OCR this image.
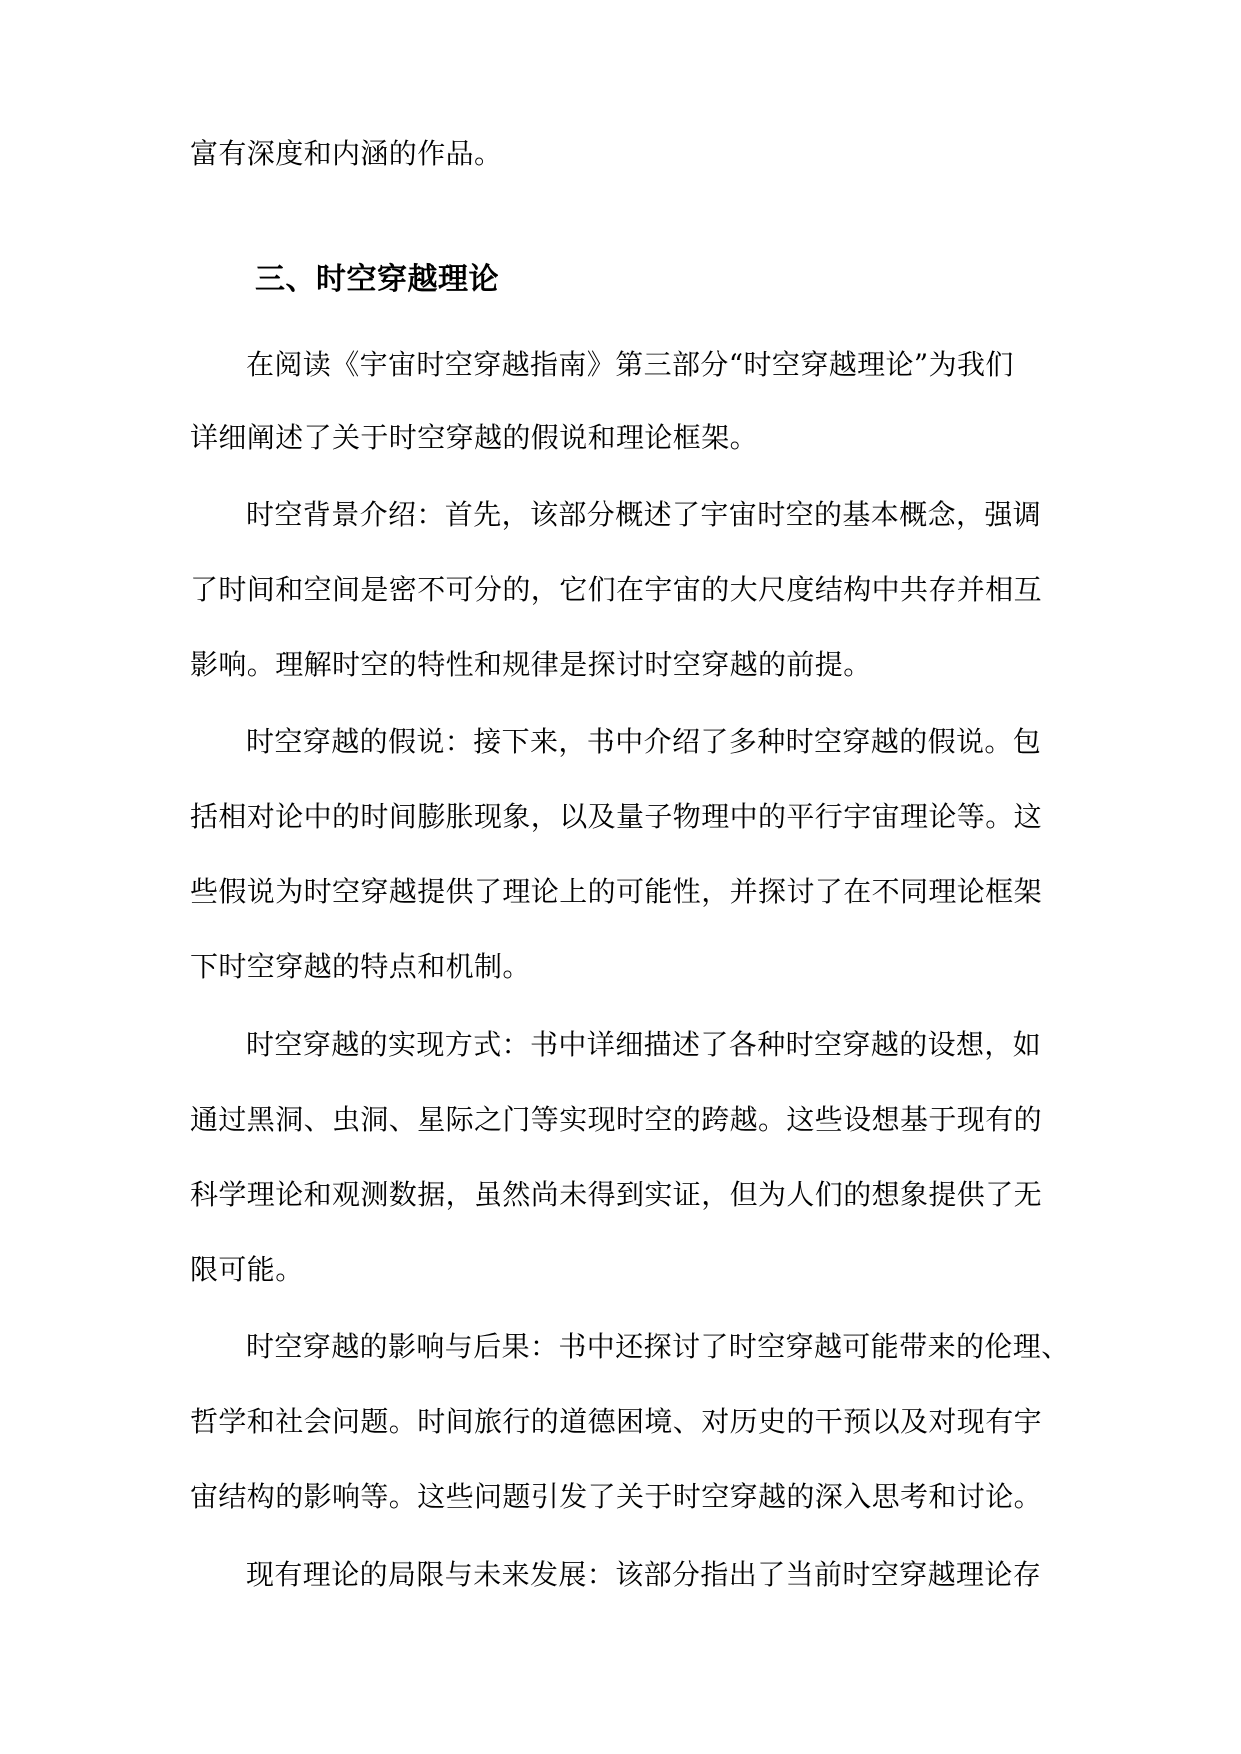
富有深度和内涵的作品。
三、时空穿越理论
在阅读《宇宙时空穿越指南》第三部分“时空穿越理论”为我们
详细阐述了关于时空穿越的假说和理论框架。
时空背景介绍：首先，该部分概述了宇宙时空的基本概念，强调
了时间和空间是密不可分的，它们在宇宙的大尺度结构中共存并相互
影响。理解时空的特性和规律是探讨时空穿越的前提。
时空穿越的假说：接下来，书中介绍了多种时空穿越的假说。包
括相对论中的时间膨胀现象，以及量子物理中的平行宇宙理论等。这
些假说为时空穿越提供了理论上的可能性，并探讨了在不同理论框架
下时空穿越的特点和机制。
时空穿越的实现方式：书中详细描述了各种时空穿越的设想，如
通过黑洞、虫洞、星际之门等实现时空的跨越。这些设想基于现有的
科学理论和观测数据，虽然尚未得到实证，但为人们的想象提供了无
限可能。
时空穿越的影响与后果：书中还探讨了时空穿越可能带来的伦理、
哲学和社会问题。时间旅行的道德困境、对历史的干预以及对现有宇
宙结构的影响等。这些问题引发了关于时空穿越的深入思考和讨论。
现有理论的局限与未来发展：该部分指出了当前时空穿越理论存
